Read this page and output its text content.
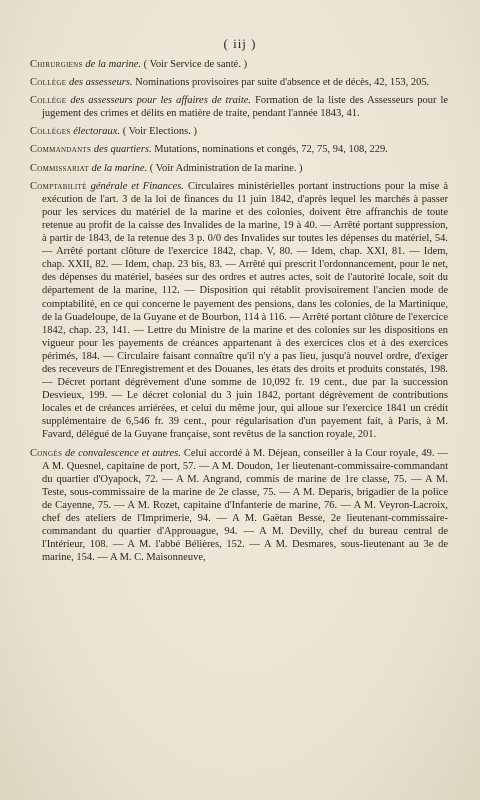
( iij )

Chirurgiens de la marine. ( Voir Service de santé. )

Collége des assesseurs. Nominations provisoires par suite d'absence et de décès, 42, 153, 205.

Collége des assesseurs pour les affaires de traite. Formation de la liste des Assesseurs pour le jugement des crimes et délits en matière de traite, pendant l'année 1843, 41.

Colléges électoraux. ( Voir Elections. )

Commandants des quartiers. Mutations, nominations et congés, 72, 75, 94, 108, 229.

Commissariat de la marine. ( Voir Administration de la marine. )

Comptabilité générale et Finances. Circulaires ministérielles portant instructions pour la mise à exécution de l'art. 3 de la loi de finances du 11 juin 1842, d'après lequel les marchés à passer pour les services du matériel de la marine et des colonies, doivent être affranchis de toute retenue au profit de la caisse des Invalides de la marine, 19 à 40. — Arrêté portant suppression, à partir de 1843, de la retenue des 3 p. 0/0 des Invalides sur toutes les dépenses du matériel, 54. — Arrêté portant clôture de l'exercice 1842, chap. V, 80. — Idem, chap. XXI, 81. — Idem, chap. XXII, 82. — Idem, chap. 23 bis, 83. — Arrêté qui prescrit l'ordonnancement, pour le net, des dépenses du matériel, basées sur des ordres et autres actes, soit de l'autorité locale, soit du département de la marine, 112. — Disposition qui rétablit provisoirement l'ancien mode de comptabilité, en ce qui concerne le payement des pensions, dans les colonies, de la Martinique, de la Guadeloupe, de la Guyane et de Bourbon, 114 à 116. — Arrêté portant clôture de l'exercice 1842, chap. 23, 141. — Lettre du Ministre de la marine et des colonies sur les dispositions en vigueur pour les payements de créances appartenant à des exercices clos et à des exercices périmés, 184. — Circulaire faisant connaître qu'il n'y a pas lieu, jusqu'à nouvel ordre, d'exiger des receveurs de l'Enregistrement et des Douanes, les états des droits et produits constatés, 198. — Décret portant dégrèvement d'une somme de 10,092 fr. 19 cent., due par la succession Desvieux, 199. — Le décret colonial du 3 juin 1842, portant dégrèvement de contributions locales et de créances arriérées, et celui du même jour, qui alloue sur l'exercice 1841 un crédit supplémentaire de 6,546 fr. 39 cent., pour régularisation d'un payement fait, à Paris, à M. Favard, délégué de la Guyane française, sont revêtus de la sanction royale, 201.

Congés de convalescence et autres. Celui accordé à M. Déjean, conseiller à la Cour royale, 49. — A M. Quesnel, capitaine de port, 57. — A M. Doudon, 1er lieutenant-commissaire-commandant du quartier d'Oyapock, 72. — A M. Angrand, commis de marine de 1re classe, 75. — A M. Teste, sous-commissaire de la marine de 2e classe, 75. — A M. Deparis, brigadier de la police de Cayenne, 75. — A M. Rozet, capitaine d'Infanterie de marine, 76. — A M. Veyron-Lacroix, chef des ateliers de l'Imprimerie, 94. — A M. Gaëtan Besse, 2e lieutenant-commissaire-commandant du quartier d'Approuague, 94. — A M. Devilly, chef du bureau central de l'Intérieur, 108. — A M. l'abbé Bélières, 152. — A M. Desmares, sous-lieutenant au 3e de marine, 154. — A M. C. Maisonneuve,
